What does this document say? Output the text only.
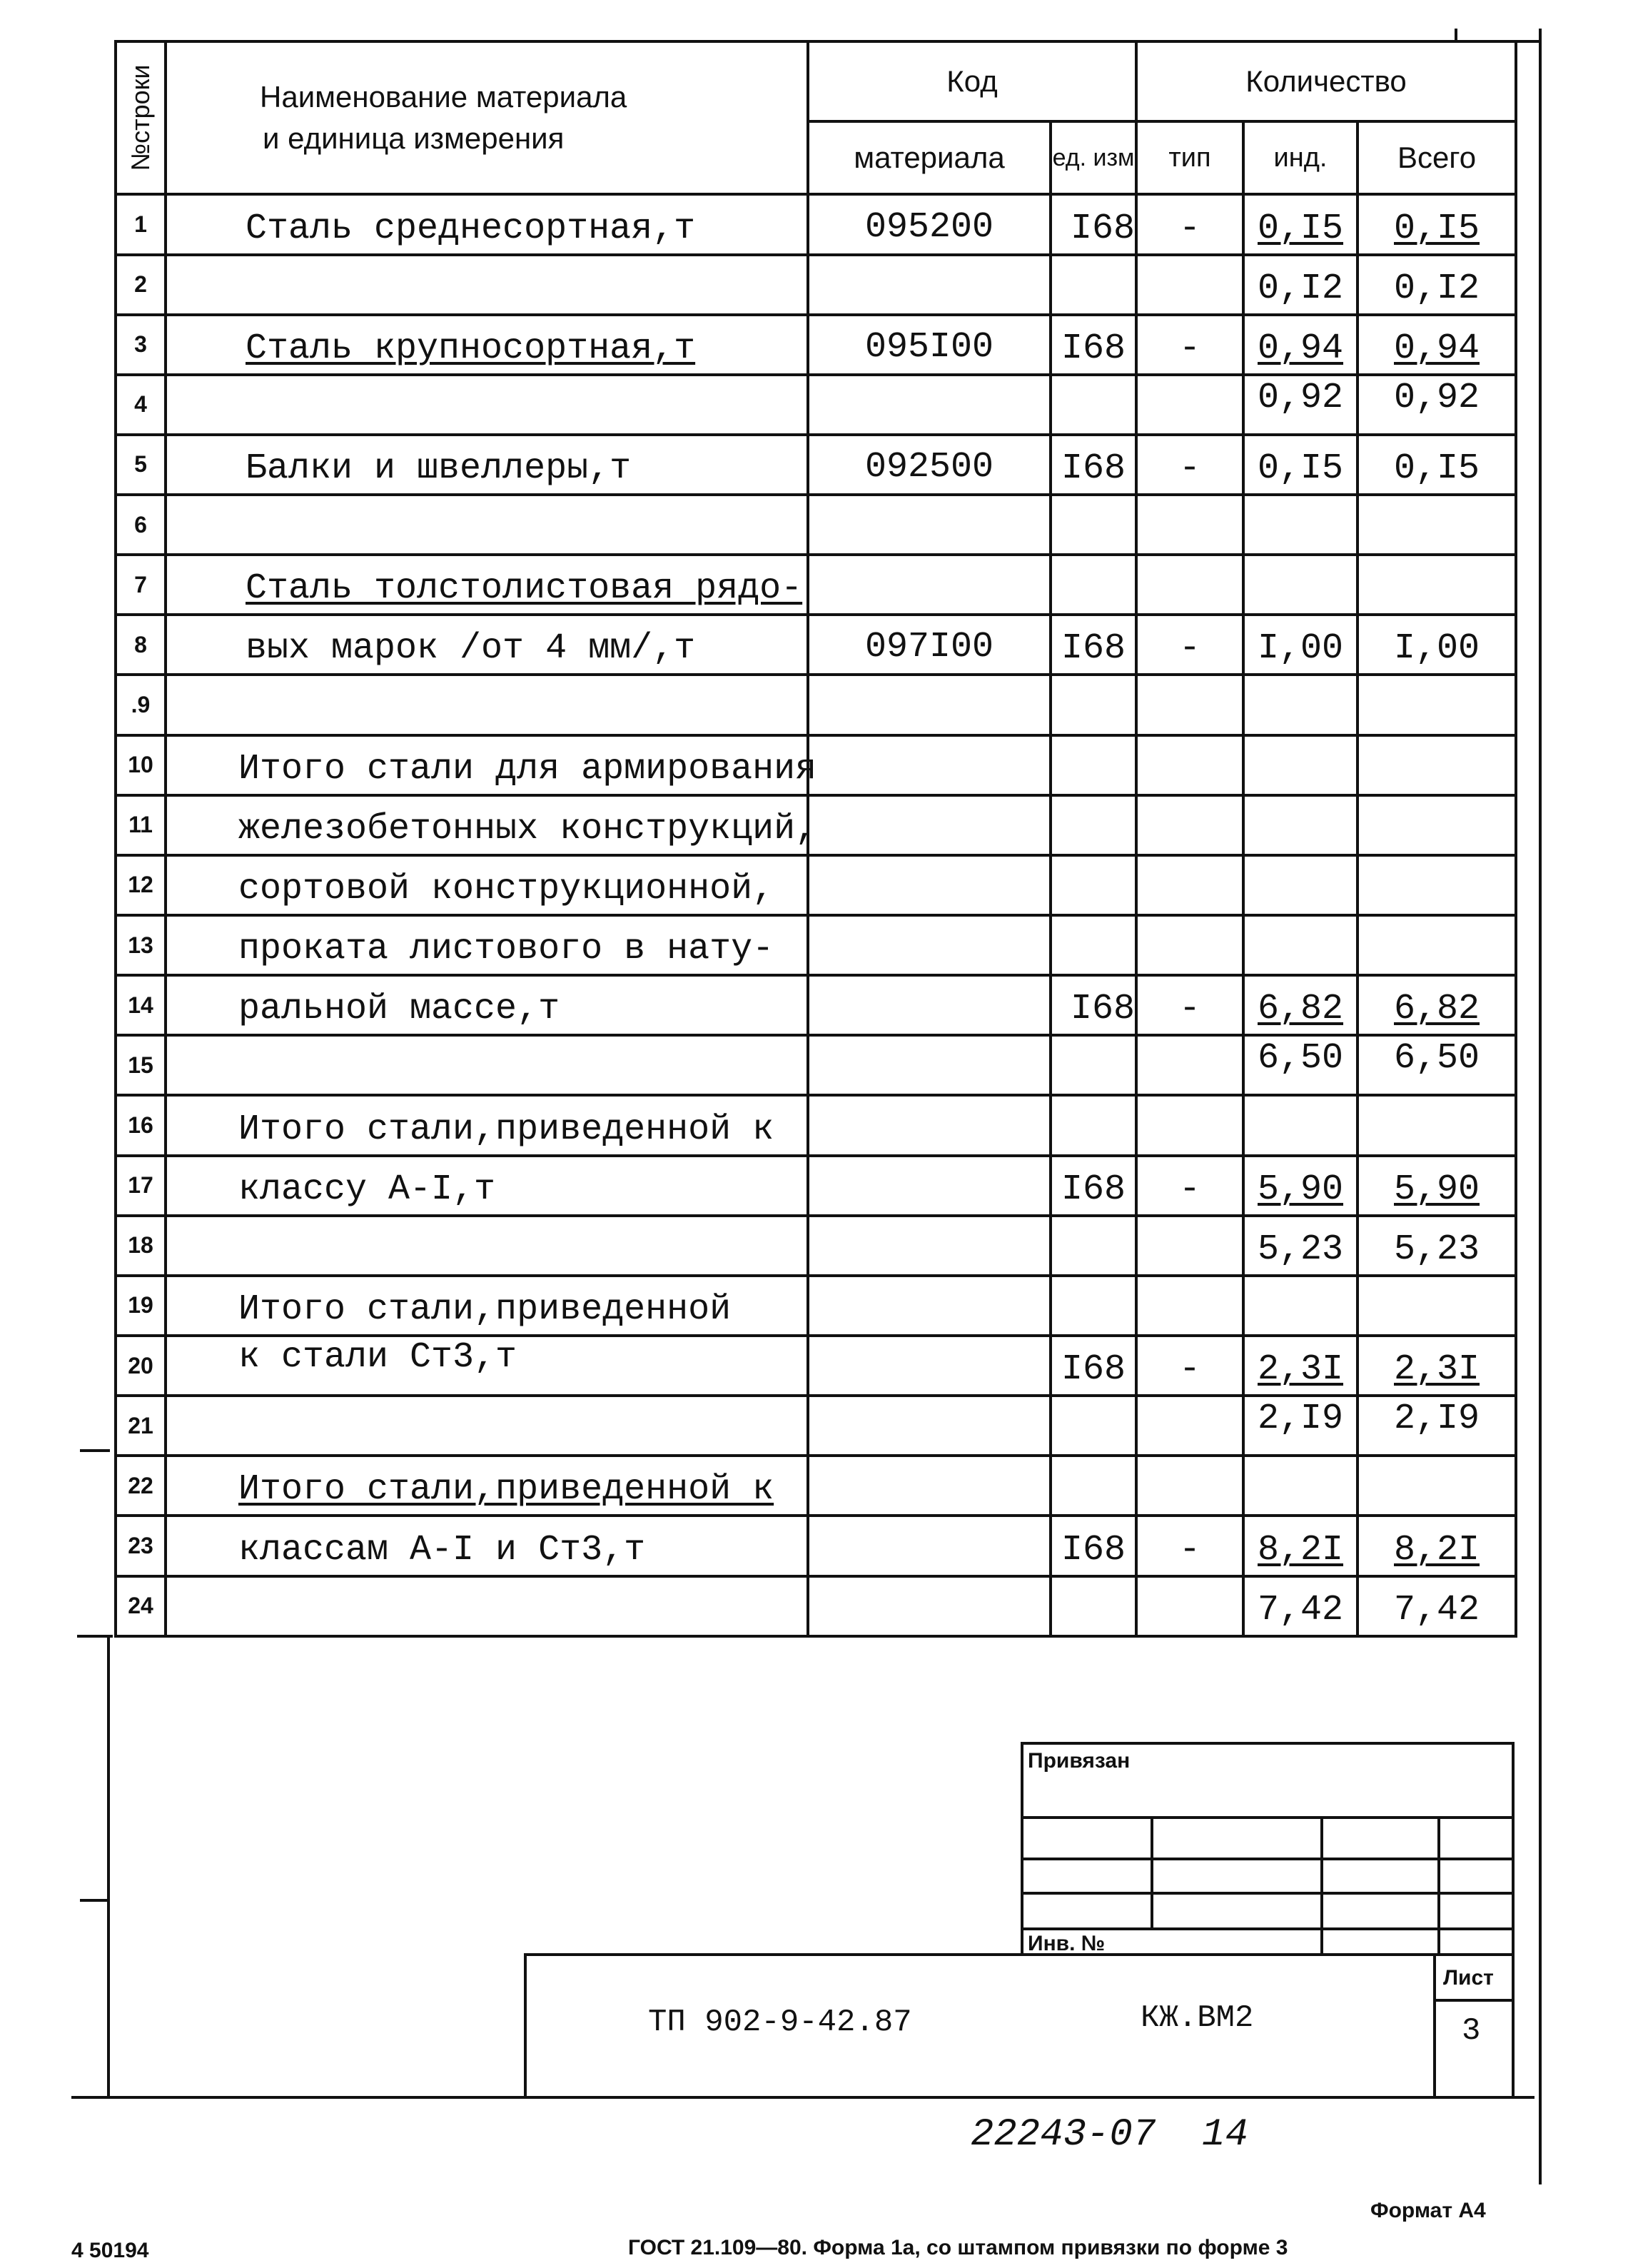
№строки	Наименование материала
и единица измерения	Код		Количество		
		материала	ед. изм	тип	инд.	Всего
1	Сталь среднесортная,т	095200	I68	-	0,I5	0,I5
2					0,I2	0,I2
3	Сталь крупносортная,т	095I00	I68	-	0,94	0,94
4					0,92	0,92
5	Балки и швеллеры,т	092500	I68	-	0,I5	0,I5
6						
7	Сталь толстолистовая рядо-					
8	вых марок /от 4 мм/,т	097I00	I68	-	I,00	I,00
.9						
10	Итого стали для армирования					
11	железобетонных конструкций,					
12	сортовой конструкционной,					
13	проката листового в нату-					
14	ральной массе,т		I68	-	6,82	6,82
15					6,50	6,50
16	Итого стали,приведенной к					
17	классу А-I,т		I68	-	5,90	5,90
18					5,23	5,23
19	Итого стали,приведенной					
20	к стали Ст3,т		I68	-	2,3I	2,3I
21					2,I9	2,I9
22	Итого стали,приведенной к					
23	классам А-I и Ст3,т		I68	-	8,2I	8,2I
24					7,42	7,42
Привязан
Инв. №
ТП 902-9-42.87	КЖ.ВМ2
Лист
3
22243-07  14
Формат А4
ГОСТ 21.109—80. Форма 1а, со штампом привязки по форме 3
4 50194
